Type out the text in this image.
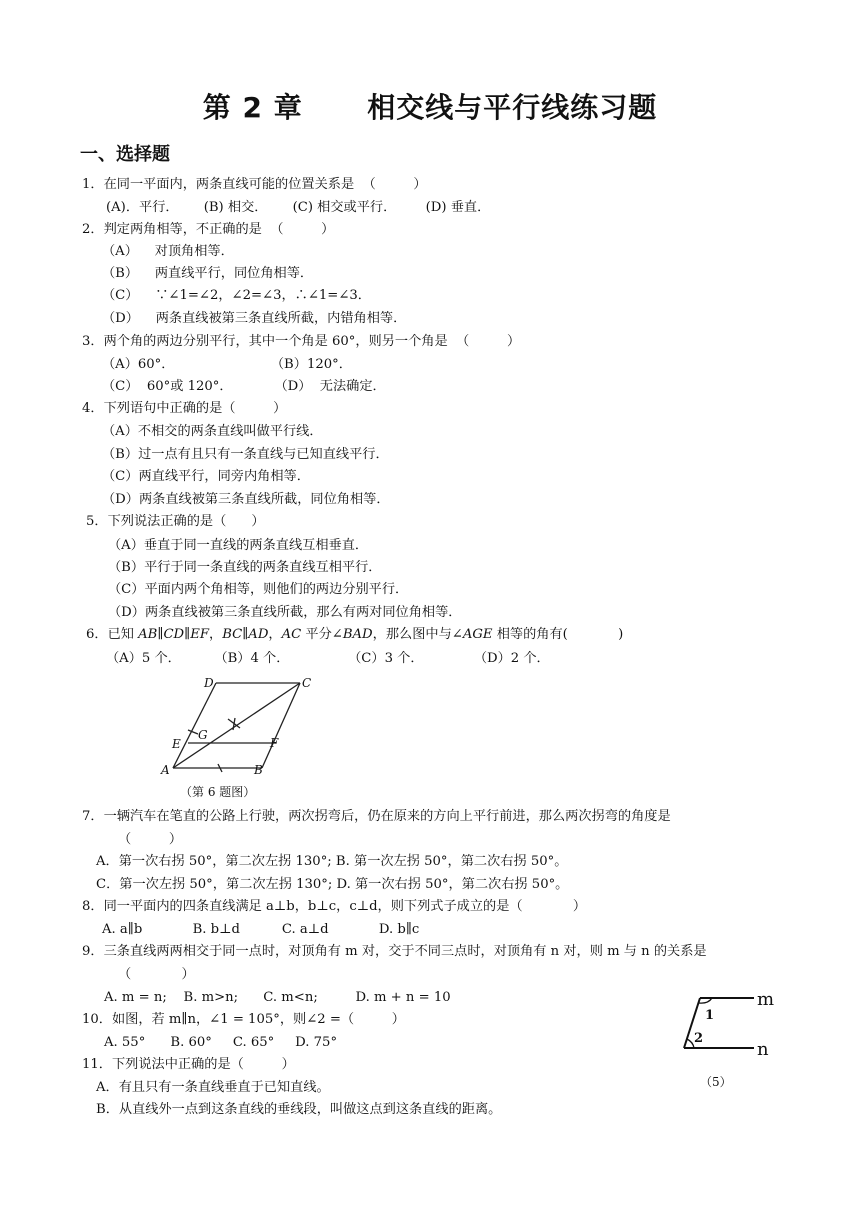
第 2 章      相交线与平行线练习题
一、选择题
1．在同一平面内，两条直线可能的位置关系是  （         ）
(A)．平行．      (B) 相交．      (C) 相交或平行．       (D) 垂直．
2．判定两角相等，不正确的是  （         ）
（A）    对顶角相等．
（B）    两直线平行，同位角相等．
（C）    ∵∠1=∠2，∠2=∠3，∴∠1=∠3．
（D）    两条直线被第三条直线所截，内错角相等．
3．两个角的两边分别平行，其中一个角是 60°，则另一个角是  （         ）
（A）60°．                       （B）120°．
（C）  60°或 120°．          （D）  无法确定．
4．下列语句中正确的是（         ）
（A）不相交的两条直线叫做平行线．
（B）过一点有且只有一条直线与已知直线平行．
（C）两直线平行，同旁内角相等．
（D）两条直线被第三条直线所截，同位角相等．
5．下列说法正确的是（      ）
（A）垂直于同一直线的两条直线互相垂直．
（B）平行于同一条直线的两条直线互相平行．
（C）平面内两个角相等，则他们的两边分别平行．
（D）两条直线被第三条直线所截，那么有两对同位角相等．
6．已知 AB∥CD∥EF，BC∥AD，AC 平分∠BAD，那么图中与∠AGE 相等的角有(            )
（A）5 个．        （B）4 个．              （C）3 个．            （D）2 个．
D	C
E
G
F
A	B
（第 6 题图）
7．一辆汽车在笔直的公路上行驶，两次拐弯后，仍在原来的方向上平行前进，那么两次拐弯的角度是
（         ）
A．第一次右拐 50°，第二次左拐 130°; B. 第一次左拐 50°，第二次右拐 50°。
C．第一次左拐 50°，第二次左拐 130°; D. 第一次右拐 50°，第二次右拐 50°。
8．同一平面内的四条直线满足 a⊥b，b⊥c，c⊥d，则下列式子成立的是（            ）
A. a∥b            B. b⊥d          C. a⊥d            D. b∥c
9．三条直线两两相交于同一点时，对顶角有 m 对，交于不同三点时，对顶角有 n 对，则 m 与 n 的关系是
（            ）
A. m = n;    B. m>n;      C. m<n;         D. m + n = 10
10．如图，若 m∥n，∠1 = 105°，则∠2 =（         ）
A. 55°      B. 60°     C. 65°     D. 75°
m
n
1
2
（5）
11．下列说法中正确的是（         ）
A．有且只有一条直线垂直于已知直线。
B．从直线外一点到这条直线的垂线段，叫做这点到这条直线的距离。
